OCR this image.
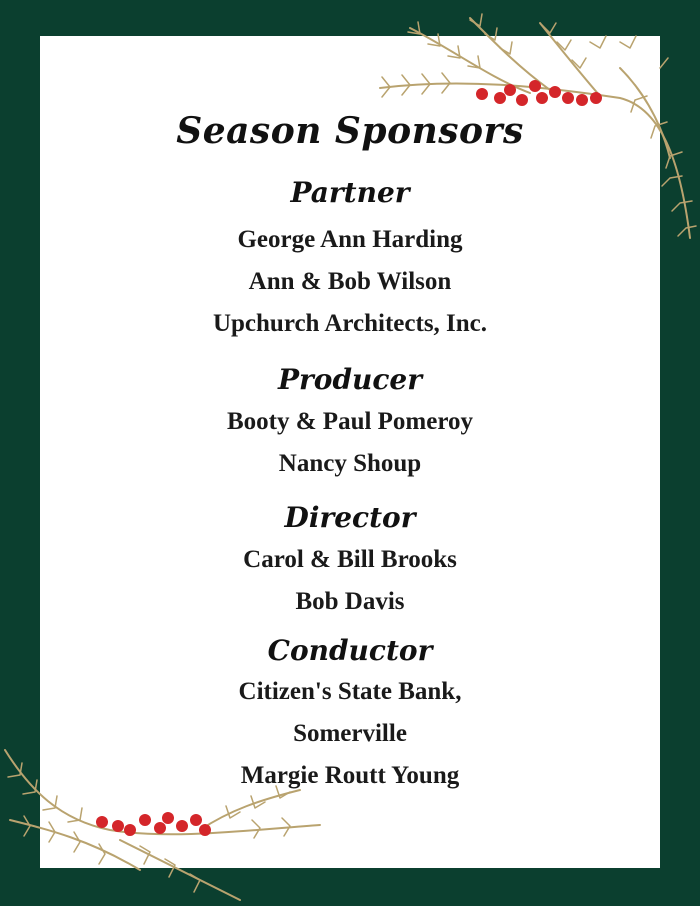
Season Sponsors
Partner
George Ann Harding
Ann & Bob Wilson
Upchurch Architects, Inc.
Producer
Booty & Paul Pomeroy
Nancy Shoup
Director
Carol & Bill Brooks
Bob Davis
Conductor
Citizen's State Bank,
Somerville
Margie Routt Young
